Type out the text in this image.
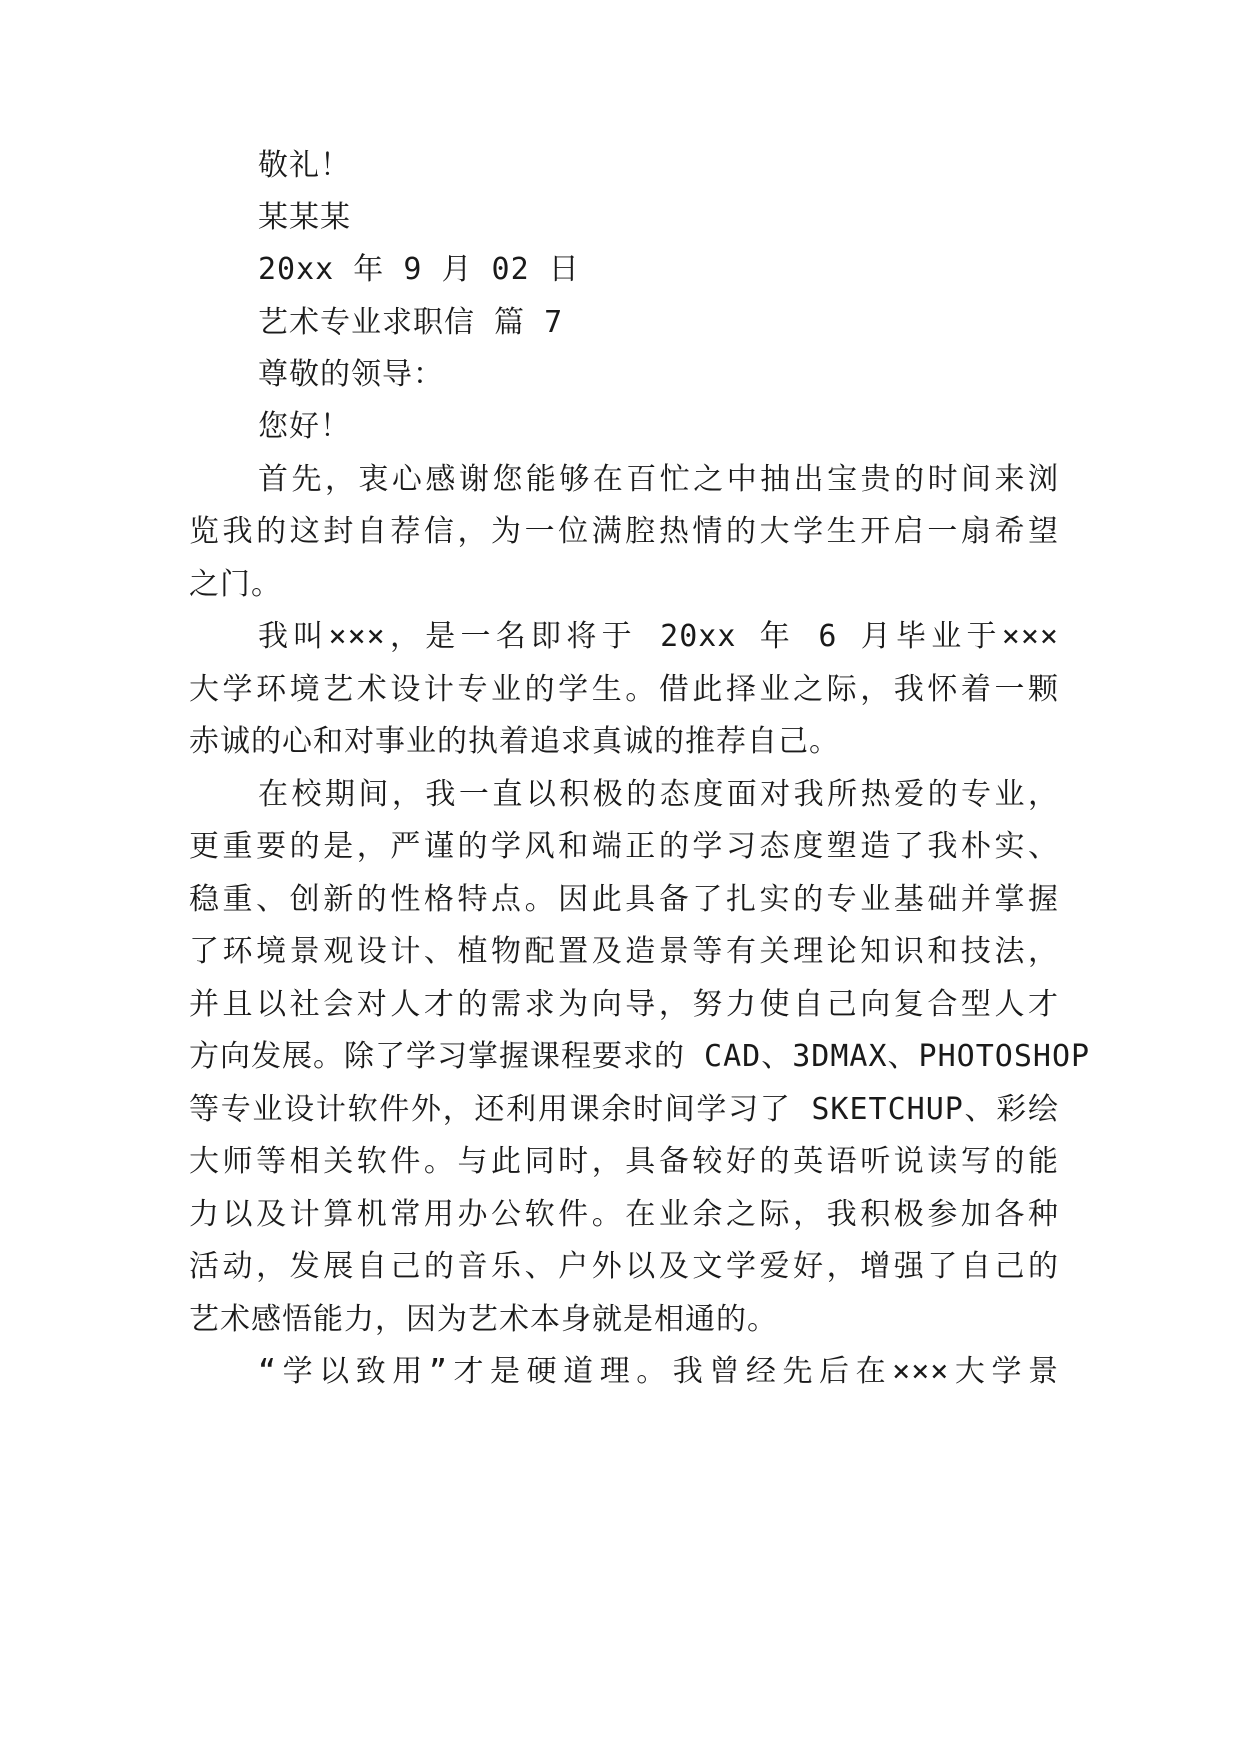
敬礼！
某某某
20xx 年 9 月 02 日
艺术专业求职信 篇 7
尊敬的领导：
您好！
首先，衷心感谢您能够在百忙之中抽出宝贵的时间来浏
览我的这封自荐信，为一位满腔热情的大学生开启一扇希望
之门。
我叫×××，是一名即将于 20xx 年 6 月毕业于×××
大学环境艺术设计专业的学生。借此择业之际，我怀着一颗
赤诚的心和对事业的执着追求真诚的推荐自己。
在校期间，我一直以积极的态度面对我所热爱的专业，
更重要的是，严谨的学风和端正的学习态度塑造了我朴实、
稳重、创新的性格特点。因此具备了扎实的专业基础并掌握
了环境景观设计、植物配置及造景等有关理论知识和技法，
并且以社会对人才的需求为向导，努力使自己向复合型人才
方向发展。除了学习掌握课程要求的 CAD、3DMAX、PHOTOSHOP
等专业设计软件外，还利用课余时间学习了 SKETCHUP、彩绘
大师等相关软件。与此同时，具备较好的英语听说读写的能
力以及计算机常用办公软件。在业余之际，我积极参加各种
活动，发展自己的音乐、户外以及文学爱好，增强了自己的
艺术感悟能力，因为艺术本身就是相通的。
“学以致用”才是硬道理。我曾经先后在×××大学景
